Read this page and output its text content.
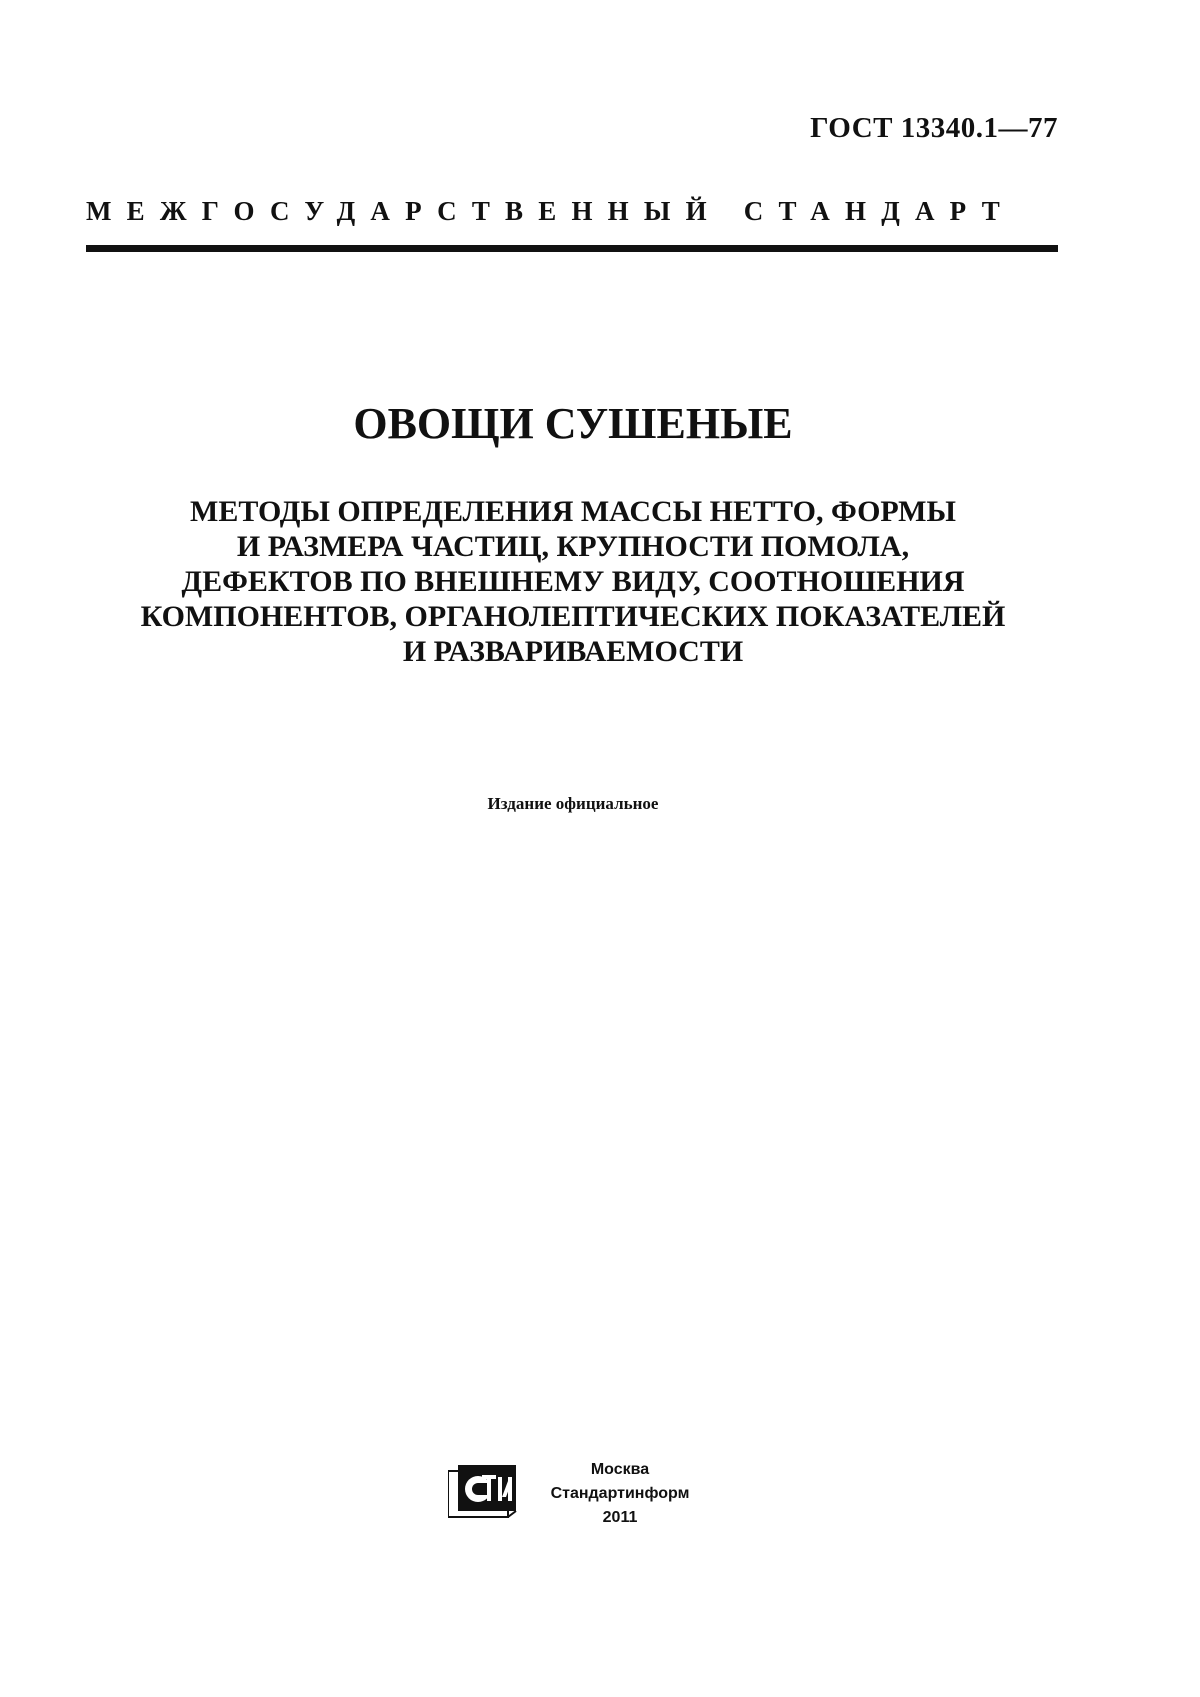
ГОСТ 13340.1—77
МЕЖГОСУДАРСТВЕННЫЙ СТАНДАРТ
ОВОЩИ СУШЕНЫЕ
МЕТОДЫ ОПРЕДЕЛЕНИЯ МАССЫ НЕТТО, ФОРМЫ
И РАЗМЕРА ЧАСТИЦ, КРУПНОСТИ ПОМОЛА,
ДЕФЕКТОВ ПО ВНЕШНЕМУ ВИДУ, СООТНОШЕНИЯ
КОМПОНЕНТОВ, ОРГАНОЛЕПТИЧЕСКИХ ПОКАЗАТЕЛЕЙ
И РАЗВАРИВАЕМОСТИ
Издание официальное
Москва
Стандартинформ
2011
